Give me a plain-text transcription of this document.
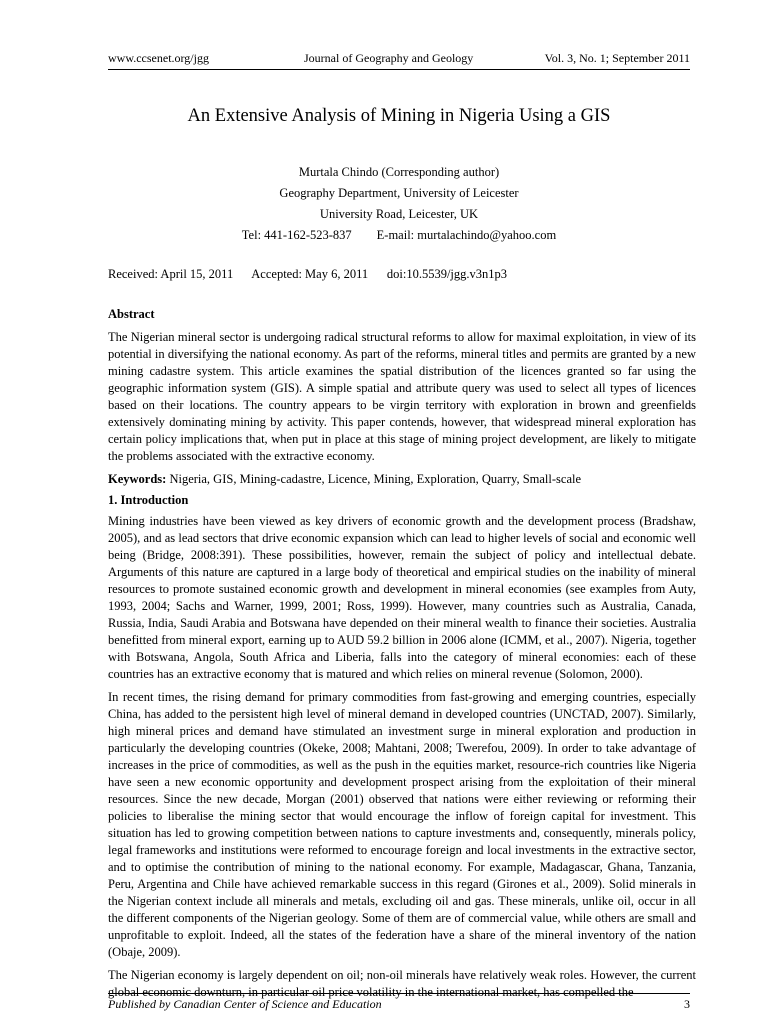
www.ccsenet.org/jgg	Journal of Geography and Geology	Vol. 3, No. 1; September 2011
An Extensive Analysis of Mining in Nigeria Using a GIS
Murtala Chindo (Corresponding author)
Geography Department, University of Leicester
University Road, Leicester, UK
Tel: 441-162-523-837        E-mail: murtalachindo@yahoo.com
Received: April 15, 2011      Accepted: May 6, 2011      doi:10.5539/jgg.v3n1p3
Abstract

The Nigerian mineral sector is undergoing radical structural reforms to allow for maximal exploitation, in view of its potential in diversifying the national economy. As part of the reforms, mineral titles and permits are granted by a new mining cadastre system. This article examines the spatial distribution of the licences granted so far using the geographic information system (GIS). A simple spatial and attribute query was used to select all types of licences based on their locations. The country appears to be virgin territory with exploration in brown and greenfields extensively dominating mining by activity. This paper contends, however, that widespread mineral exploration has certain policy implications that, when put in place at this stage of mining project development, are likely to mitigate the problems associated with the extractive economy.

Keywords: Nigeria, GIS, Mining-cadastre, Licence, Mining, Exploration, Quarry, Small-scale
1. Introduction

Mining industries have been viewed as key drivers of economic growth and the development process (Bradshaw, 2005), and as lead sectors that drive economic expansion which can lead to higher levels of social and economic well being (Bridge, 2008:391). These possibilities, however, remain the subject of policy and intellectual debate. Arguments of this nature are captured in a large body of theoretical and empirical studies on the inability of mineral resources to promote sustained economic growth and development in mineral economies (see examples from Auty, 1993, 2004; Sachs and Warner, 1999, 2001; Ross, 1999). However, many countries such as Australia, Canada, Russia, India, Saudi Arabia and Botswana have depended on their mineral wealth to finance their societies. Australia benefitted from mineral export, earning up to AUD 59.2 billion in 2006 alone (ICMM, et al., 2007). Nigeria, together with Botswana, Angola, South Africa and Liberia, falls into the category of mineral economies: each of these countries has an extractive economy that is matured and which relies on mineral revenue (Solomon, 2000).

In recent times, the rising demand for primary commodities from fast-growing and emerging countries, especially China, has added to the persistent high level of mineral demand in developed countries (UNCTAD, 2007). Similarly, high mineral prices and demand have stimulated an investment surge in mineral exploration and production in particularly the developing countries (Okeke, 2008; Mahtani, 2008; Twerefou, 2009). In order to take advantage of increases in the price of commodities, as well as the push in the equities market, resource-rich countries like Nigeria have seen a new economic opportunity and development prospect arising from the exploitation of their mineral resources. Since the new decade, Morgan (2001) observed that nations were either reviewing or reforming their policies to liberalise the mining sector that would encourage the inflow of foreign capital for investment. This situation has led to growing competition between nations to capture investments and, consequently, minerals policy, legal frameworks and institutions were reformed to encourage foreign and local investments in the extractive sector, and to optimise the contribution of mining to the national economy. For example, Madagascar, Ghana, Tanzania, Peru, Argentina and Chile have achieved remarkable success in this regard (Girones et al., 2009). Solid minerals in the Nigerian context include all minerals and metals, excluding oil and gas. These minerals, unlike oil, occur in all the different components of the Nigerian geology. Some of them are of commercial value, while others are small and unprofitable to exploit. Indeed, all the states of the federation have a share of the mineral inventory of the nation (Obaje, 2009).

The Nigerian economy is largely dependent on oil; non-oil minerals have relatively weak roles. However, the current global economic downturn, in particular oil price volatility in the international market, has compelled the

Published by Canadian Center of Science and Education	3
